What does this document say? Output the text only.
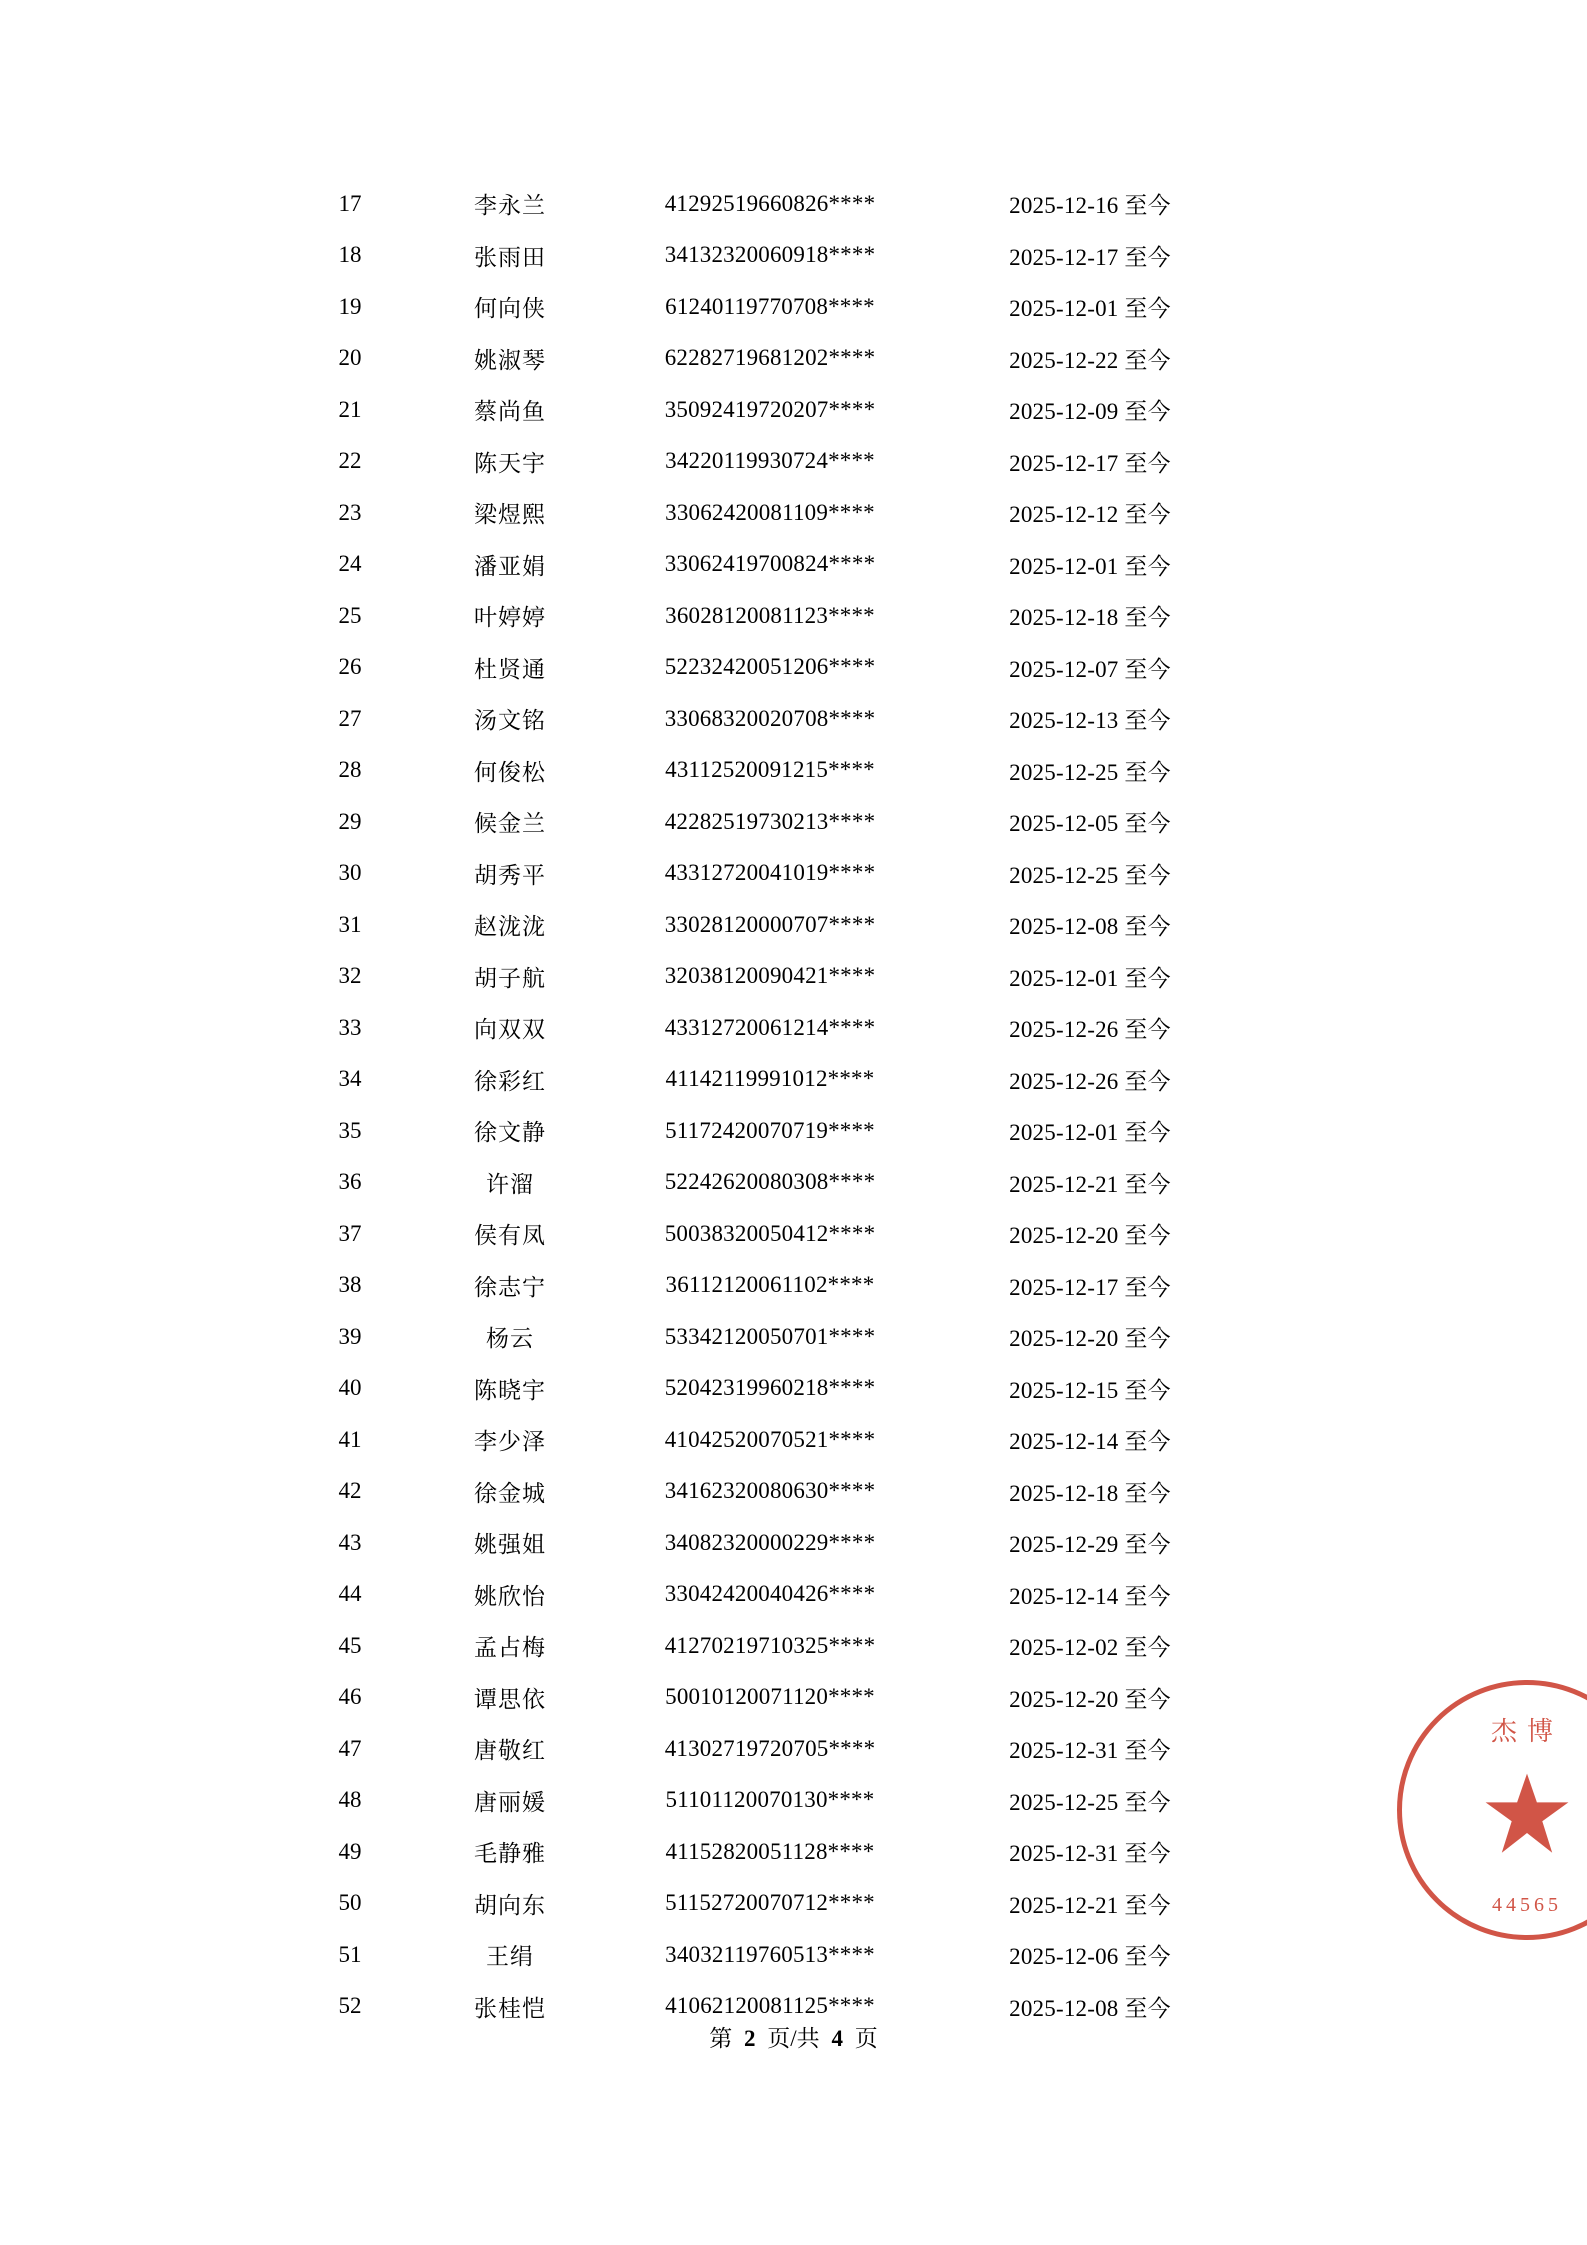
17	李永兰	41292519660826****	2025-12-16 至今
18	张雨田	34132320060918****	2025-12-17 至今
19	何向侠	61240119770708****	2025-12-01 至今
20	姚淑琴	62282719681202****	2025-12-22 至今
21	蔡尚鱼	35092419720207****	2025-12-09 至今
22	陈天宇	34220119930724****	2025-12-17 至今
23	梁煜熙	33062420081109****	2025-12-12 至今
24	潘亚娟	33062419700824****	2025-12-01 至今
25	叶婷婷	36028120081123****	2025-12-18 至今
26	杜贤通	52232420051206****	2025-12-07 至今
27	汤文铭	33068320020708****	2025-12-13 至今
28	何俊松	43112520091215****	2025-12-25 至今
29	候金兰	42282519730213****	2025-12-05 至今
30	胡秀平	43312720041019****	2025-12-25 至今
31	赵泷泷	33028120000707****	2025-12-08 至今
32	胡子航	32038120090421****	2025-12-01 至今
33	向双双	43312720061214****	2025-12-26 至今
34	徐彩红	41142119991012****	2025-12-26 至今
35	徐文静	51172420070719****	2025-12-01 至今
36	许溜	52242620080308****	2025-12-21 至今
37	侯有凤	50038320050412****	2025-12-20 至今
38	徐志宁	36112120061102****	2025-12-17 至今
39	杨云	53342120050701****	2025-12-20 至今
40	陈晓宇	52042319960218****	2025-12-15 至今
41	李少泽	41042520070521****	2025-12-14 至今
42	徐金城	34162320080630****	2025-12-18 至今
43	姚强姐	34082320000229****	2025-12-29 至今
44	姚欣怡	33042420040426****	2025-12-14 至今
45	孟占梅	41270219710325****	2025-12-02 至今
46	谭思依	50010120071120****	2025-12-20 至今
47	唐敬红	41302719720705****	2025-12-31 至今
48	唐丽媛	51101120070130****	2025-12-25 至今
49	毛静雅	41152820051128****	2025-12-31 至今
50	胡向东	51152720070712****	2025-12-21 至今
51	王绢	34032119760513****	2025-12-06 至今
52	张桂恺	41062120081125****	2025-12-08 至今
第 2 页/共 4 页
杰博
44565
